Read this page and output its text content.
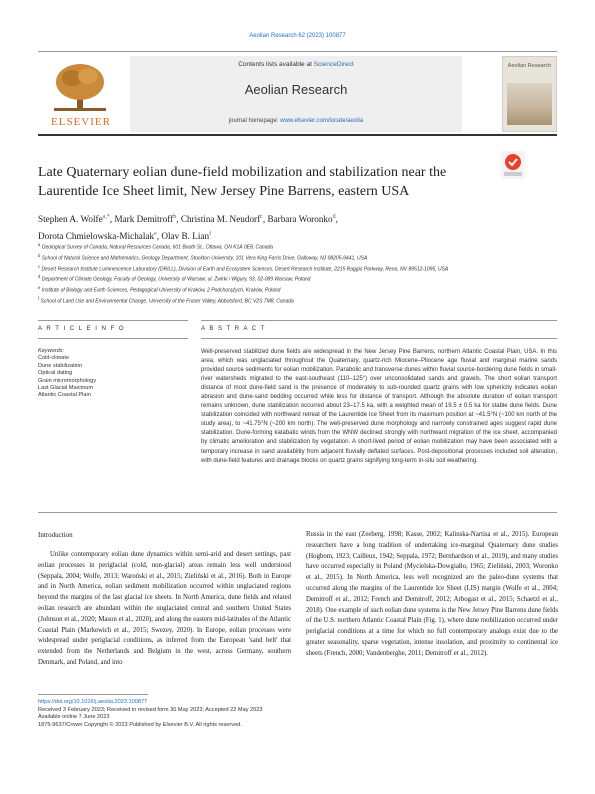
Aeolian Research 62 (2023) 100877
ELSEVIER
Contents lists available at ScienceDirect
Aeolian Research
journal homepage: www.elsevier.com/locate/aeolia
Aeolian Research
Late Quaternary eolian dune-field mobilization and stabilization near the Laurentide Ice Sheet limit, New Jersey Pine Barrens, eastern USA
Stephen A. Wolfe$^{a,*}$, Mark Demitroff$^b$, Christina M. Neudorf$^c$, Barbara Woronko$^d$,
Dorota Chmielowska-Michalak$^e$, Olav B. Lian$^f$

$^a$ Geological Survey of Canada, Natural Resources Canada, 601 Booth St., Ottawa, ON K1A 0E8, Canada

$^b$ School of Natural Science and Mathematics, Geology Department, Stockton University, 101 Vera King Farris Drive, Galloway, NJ 08205-9441, USA

$^c$ Desert Research Institute Luminescence Laboratory (DRILL), Division of Earth and Ecosystem Sciences, Desert Research Institute, 2215 Raggio Parkway, Reno, NV 89512-1095, USA

$^d$ Department of Climate Geology, Faculty of Geology, University of Warsaw, ul. Żwirki i Wigury, 93, 02-089 Warsaw, Poland

$^e$ Institute of Biology and Earth Sciences, Pedagogical University of Kraków, 2 Podchorążych, Kraków, Poland

$^f$ School of Land Use and Environmental Change, University of the Fraser Valley, Abbotsford, BC V2S 7M8, Canada

A R T I C L E I N F O	A B S T R A C T
Keywords:
Cold-climate
Dune stabilization
Optical dating
Grain micromorphology
Last Glacial Maximum
Atlantic Coastal Plain
Well-preserved stabilized dune fields are widespread in the New Jersey Pine Barrens, northern Atlantic Coastal Plain, USA. In this area, which was unglaciated throughout the Quaternary, quartz-rich Miocene–Pliocene age fluvial and marginal marine sands provided source sediments for eolian mobilization. Parabolic and transverse dunes within fluvial source-bordering dune fields in small-river watersheds migrated to the east-southeast (110–125°) over unconsolidated sands and gravels. The short eolian transport distance of most dune-field sand is the presence of moderately to sub-rounded quartz grains with low sphericity indicates eolian abrasion and dune-sand bedding occurred while less for distance of transport. Although the absolute duration of eolian transport remains unknown, dune stabilization occurred about 23–17.5 ka, with a weighted mean of 19.5 ± 0.5 ka for stable dune fields. Dune stabilization coincided with northward retreat of the Laurentide Ice Sheet from its maximum position at ~41.5°N (~100 km north of the study area), to ~41.75°N (~200 km north). The well-preserved dune morphology and narrowly constrained ages suggest rapid dune stabilization. Dune-forming katabatic winds from the WNW declined strongly with northward migration of the ice sheet, accompanied by climatic amelioration and stabilization by vegetation. A short-lived period of eolian mobilization may have been associated with a temporary increase in sand availability from adjacent fluvially deflated surfaces. Post-depositional processes included soil alteration, with dune-field features and drainage blocks on quartz grains signifying long-term in-situ soil weathering.
Introduction
Unlike contemporary eolian dune dynamics within semi-arid and desert settings, past eolian processes in periglacial (cold, non-glacial) areas remain less well understood (Seppala, 2004; Wolfe, 2013; Waroński et al., 2015; Zieliński et al., 2016). Both in Europe and in North America, eolian sediment mobilization occurred within unglaciated regions beyond the margins of the last glacial ice sheets. In North America, dune fields and related eolian research are abundant within the unglaciated central and southern United States (Johnson et al., 2020; Mason et al., 2020), and along the eastern mid-latitudes of the Atlantic Coastal Plain (Markewich et al., 2015; Swezey, 2020). In Europe, eolian processes were widespread under periglacial conditions, as inferred from the European 'sand belt' that extended from the Netherlands and Belgium in the west, across Germany, southern Denmark, and Poland, and into
Russia in the east (Zeeberg, 1998; Kasse, 2002; Kalinska-Nartisa et al., 2015). European researchers have a long tradition of undertaking ice-marginal Quaternary dune studies (Hogbom, 1923; Cailleux, 1942; Seppala, 1972; Bernhardson et al., 2019), and many studies have occurred especially in Poland (Mycielska-Dowgiałło, 1965; Zieliński, 2003; Woronko et al., 2015). In North America, less well recognized are the paleo-dune systems that occurred along the margins of the Laurentide Ice Sheet (LIS) margin (Wolfe et al., 2004; Demitroff et al., 2012; French and Demitroff, 2012; Arbogast et al., 2015; Schaetzl et al., 2018). One example of such eolian dune systems is the New Jersey Pine Barrens dune fields of the U.S. northern Atlantic Coastal Plain (Fig. 1), where dune mobilization occurred under periglacial conditions at a time for which no full contemporary analogs exist due to the greater seasonality, sparse vegetation, intense insolation, and proximity to continental ice sheets (French, 2000; Vandenberghe, 2011; Demitroff et al., 2012).
https://doi.org/10.1016/j.aeolia.2023.100877
Received 3 February 2023; Received in revised form 30 May 2023; Accepted 22 May 2023
Available online 7 June 2023
1875-9637/Crown Copyright © 2023 Published by Elsevier B.V. All rights reserved.
